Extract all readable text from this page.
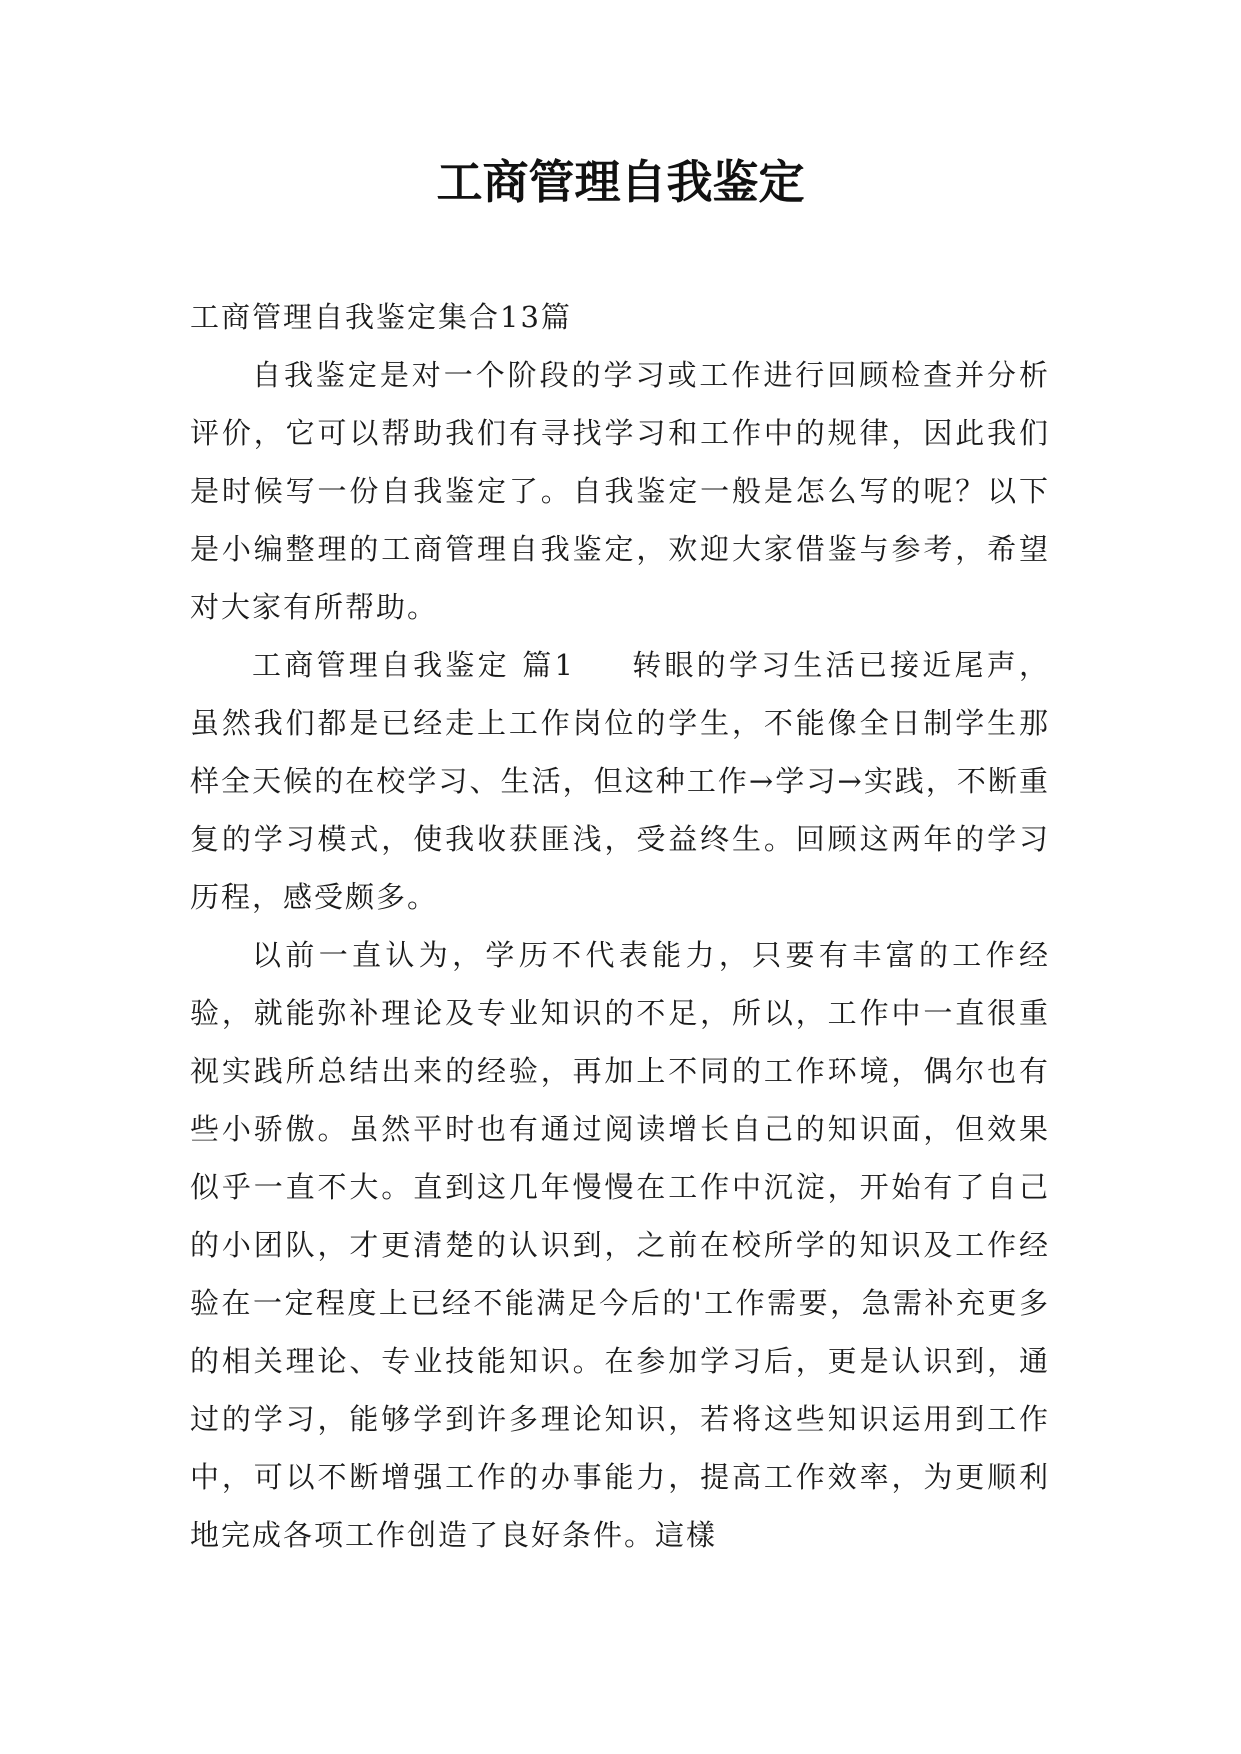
工商管理自我鉴定

工商管理自我鉴定集合13篇

自我鉴定是对一个阶段的学习或工作进行回顾检查并分析评价，它可以帮助我们有寻找学习和工作中的规律，因此我们是时候写一份自我鉴定了。自我鉴定一般是怎么写的呢？以下是小编整理的工商管理自我鉴定，欢迎大家借鉴与参考，希望对大家有所帮助。

工商管理自我鉴定 篇1 转眼的学习生活已接近尾声，虽然我们都是已经走上工作岗位的学生，不能像全日制学生那样全天候的在校学习、生活，但这种工作→学习→实践，不断重复的学习模式，使我收获匪浅，受益终生。回顾这两年的学习历程，感受颇多。

以前一直认为，学历不代表能力，只要有丰富的工作经验，就能弥补理论及专业知识的不足，所以，工作中一直很重视实践所总结出来的经验，再加上不同的工作环境，偶尔也有些小骄傲。虽然平时也有通过阅读增长自己的知识面，但效果似乎一直不大。直到这几年慢慢在工作中沉淀，开始有了自己的小团队，才更清楚的认识到，之前在校所学的知识及工作经验在一定程度上已经不能满足今后的'工作需要，急需补充更多的相关理论、专业技能知识。在参加学习后，更是认识到，通过的学习，能够学到许多理论知识，若将这些知识运用到工作中，可以不断增强工作的办事能力，提高工作效率，为更顺利地完成各项工作创造了良好条件。這樣
